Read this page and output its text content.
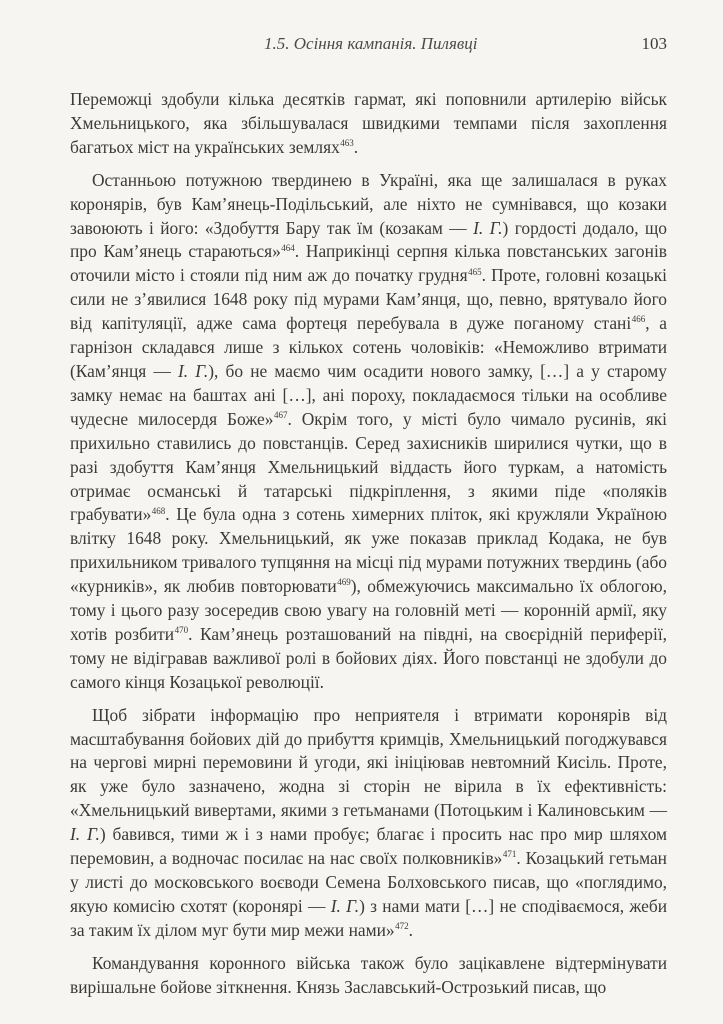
1.5. Осіння кампанія. Пилявці	103

Переможці здобули кілька десятків гармат, які поповнили артилерію військ Хмельницького, яка збільшувалася швидкими темпами після захоплення багатьох міст на українських землях$^{463}$.

Останньою потужною твердинею в Україні, яка ще залишалася в руках коронярів, був Кам’янець-Подільський, але ніхто не сумнівався, що козаки завоюють і його: «Здобуття Бару так їм (козакам — І. Г.) гордості додало, що про Кам’янець стараються»$^{464}$. Наприкінці серпня кілька повстанських загонів оточили місто і стояли під ним аж до початку грудня$^{465}$. Проте, головні козацькі сили не з’явилися 1648 року під мурами Кам’янця, що, певно, врятувало його від капітуляції, адже сама фортеця перебувала в дуже поганому стані$^{466}$, а гарнізон складався лише з кількох сотень чоловіків: «Неможливо втримати (Кам’янця — І. Г.), бо не маємо чим осадити нового замку, […] а у старому замку немає на баштах ані […], ані пороху, покладаємося тільки на особливе чудесне милосердя Боже»$^{467}$. Окрім того, у місті було чимало русинів, які прихильно ставились до повстанців. Серед захисників ширилися чутки, що в разі здобуття Кам’янця Хмельницький віддасть його туркам, а натомість отримає османські й татарські підкріплення, з якими піде «поляків грабувати»$^{468}$. Це була одна з сотень химерних пліток, які кружляли Україною влітку 1648 року. Хмельницький, як уже показав приклад Кодака, не був прихильником тривалого тупцяння на місці під мурами потужних твердинь (або «курників», як любив повторювати$^{469}$), обмежуючись максимально їх облогою, тому і цього разу зосередив свою увагу на головній меті — коронній армії, яку хотів розбити$^{470}$. Кам’янець розташований на півдні, на своєрідній периферії, тому не відігравав важливої ролі в бойових діях. Його повстанці не здобули до самого кінця Козацької революції.

Щоб зібрати інформацію про неприятеля і втримати коронярів від масштабування бойових дій до прибуття кримців, Хмельницький погоджувався на чергові мирні перемовини й угоди, які ініціював невтомний Кисіль. Проте, як уже було зазначено, жодна зі сторін не вірила в їх ефективність: «Хмельницький вивертами, якими з гетьманами (Потоцьким і Калиновським — І. Г.) бавився, тими ж і з нами пробує; благає і просить нас про мир шляхом перемовин, а водночас посилає на нас своїх полковників»$^{471}$. Козацький гетьман у листі до московського воєводи Семена Болховського писав, що «поглядимо, якую комисію схотят (коронярі — І. Г.) з нами мати […] не сподіваємося, жеби за таким їх ділом муг бути мир межи нами»$^{472}$.

Командування коронного війська також було зацікавлене відтермінувати вирішальне бойове зіткнення. Князь Заславський-Острозький писав, що
